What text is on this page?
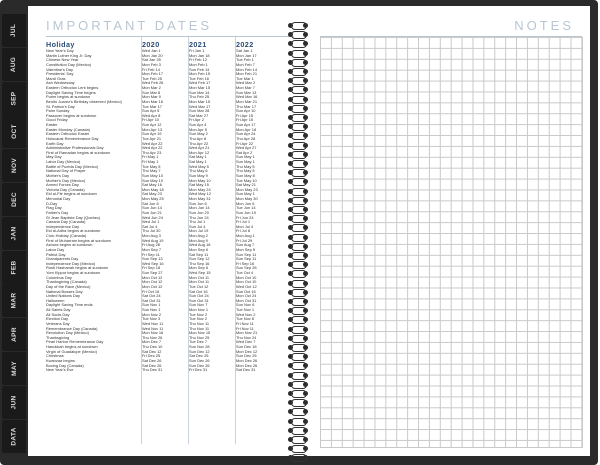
JUL
AUG
SEP
OCT
NOV
DEC
JAN
FEB
MAR
APR
MAY
JUN
DATA
IMPORTANT DATES
Holiday	2020	2021	2022
New Year's Day	Wed Jan 1	Fri Jan 1	Sat Jan 1
Martin Luther King Jr. Day	Mon Jan 20	Mon Jan 18	Mon Jan 17
Chinese New Year	Sat Jan 25	Fri Feb 12	Tue Feb 1
Constitution Day (Mexico)	Mon Feb 3	Mon Feb 1	Mon Feb 7
Valentine's Day	Fri Feb 14	Sun Feb 14	Mon Feb 14
Presidents' Day	Mon Feb 17	Mon Feb 15	Mon Feb 21
Mardi Gras	Tue Feb 25	Tue Feb 16	Tue Mar 1
Ash Wednesday	Wed Feb 26	Wed Feb 17	Wed Mar 2
Eastern Orthodox Lent begins	Mon Mar 2	Mon Mar 15	Mon Mar 7
Daylight Saving Time begins	Sun Mar 8	Sun Mar 14	Sun Mar 13
Purim begins at sundown	Mon Mar 9	Thu Feb 25	Wed Mar 16
Benito Juarez's Birthday observed (Mexico)	Mon Mar 16	Mon Mar 15	Mon Mar 21
St. Patrick's Day	Tue Mar 17	Wed Mar 17	Thu Mar 17
Palm Sunday	Sun Apr 5	Sun Mar 28	Sun Apr 10
Passover begins at sundown	Wed Apr 8	Sat Mar 27	Fri Apr 15
Good Friday	Fri Apr 10	Fri Apr 2	Fri Apr 15
Easter	Sun Apr 12	Sun Apr 4	Sun Apr 17
Easter Monday (Canada)	Mon Apr 13	Mon Apr 5	Mon Apr 18
Eastern Orthodox Easter	Sun Apr 19	Sun May 2	Sun Apr 24
Holocaust Remembrance Day	Tue Apr 21	Thu Apr 8	Thu Apr 28
Earth Day	Wed Apr 22	Thu Apr 22	Fri Apr 22
Administrative Professionals Day	Wed Apr 22	Wed Apr 21	Wed Apr 27
First of Ramadan begins at sundown	Thu Apr 23	Mon Apr 12	Sat Apr 2
May Day	Fri May 1	Sat May 1	Sun May 1
Labor Day (Mexico)	Fri May 1	Sat May 1	Sun May 1
Battle of Puebla Day (Mexico)	Tue May 5	Wed May 5	Thu May 5
National Day of Prayer	Thu May 7	Thu May 6	Thu May 5
Mother's Day	Sun May 10	Sun May 9	Sun May 8
Mother's Day (Mexico)	Sun May 10	Mon May 10	Tue May 10
Armed Forces Day	Sat May 16	Sat May 15	Sat May 21
Victoria Day (Canada)	Mon May 18	Mon May 24	Mon May 23
Eid al-Fitr begins at sundown	Sat May 23	Wed May 12	Sun May 1
Memorial Day	Mon May 25	Mon May 31	Mon May 30
D-Day	Sat Jun 6	Sun Jun 6	Mon Jun 6
Flag Day	Sun Jun 14	Mon Jun 14	Tue Jun 14
Father's Day	Sun Jun 21	Sun Jun 20	Sun Jun 19
St Jean Baptiste Day (Quebec)	Wed Jun 24	Thu Jun 24	Fri Jun 24
Canada Day (Canada)	Wed Jul 1	Thu Jul 1	Fri Jul 1
Independence Day	Sat Jul 4	Sun Jul 4	Mon Jul 4
Eid al-Adha begins at sundown	Thu Jul 30	Mon Jul 19	Fri Jul 8
Civic Holiday (Canada)	Mon Aug 3	Mon Aug 2	Mon Aug 1
First of Muharram begins at sundown	Wed Aug 19	Mon Aug 9	Fri Jul 29
Ashura begins at sundown	Fri Aug 28	Wed Aug 18	Sun Aug 7
Labor Day	Mon Sep 7	Mon Sep 6	Mon Sep 5
Patriot Day	Fri Sep 11	Sat Sep 11	Sun Sep 11
Grandparents Day	Sun Sep 13	Sun Sep 12	Sun Sep 11
Independence Day (Mexico)	Wed Sep 16	Thu Sep 16	Fri Sep 16
Rosh Hashanah begins at sundown	Fri Sep 18	Mon Sep 6	Sun Sep 25
Yom Kippur begins at sundown	Sun Sep 27	Wed Sep 15	Tue Oct 4
Columbus Day	Mon Oct 12	Mon Oct 11	Mon Oct 10
Thanksgiving (Canada)	Mon Oct 12	Mon Oct 11	Mon Oct 10
Day of the Race (Mexico)	Mon Oct 12	Tue Oct 12	Wed Oct 12
National Bosses Day	Fri Oct 16	Sat Oct 16	Sun Oct 16
United Nations Day	Sat Oct 24	Sun Oct 24	Mon Oct 24
Halloween	Sat Oct 31	Sun Oct 31	Mon Oct 31
Daylight Saving Time ends	Sun Nov 1	Sun Nov 7	Sun Nov 6
All Saints Day	Sun Nov 1	Mon Nov 1	Tue Nov 1
All Souls Day	Mon Nov 2	Tue Nov 2	Wed Nov 2
Election Day	Tue Nov 3	Tue Nov 2	Tue Nov 8
Veterans Day	Wed Nov 11	Thu Nov 11	Fri Nov 11
Remembrance Day (Canada)	Wed Nov 11	Thu Nov 11	Fri Nov 11
Revolution Day (Mexico)	Mon Nov 16	Mon Nov 15	Mon Nov 21
Thanksgiving	Thu Nov 26	Thu Nov 25	Thu Nov 24
Pearl Harbor Remembrance Day	Mon Dec 7	Tue Dec 7	Wed Dec 7
Hanukkah begins at sundown	Thu Dec 10	Sun Nov 28	Sun Dec 18
Virgin of Guadalupe (Mexico)	Sat Dec 12	Sun Dec 12	Mon Dec 12
Christmas	Fri Dec 25	Sat Dec 25	Sun Dec 25
Kwanzaa begins	Sat Dec 26	Sun Dec 26	Mon Dec 26
Boxing Day (Canada)	Sat Dec 26	Sun Dec 26	Mon Dec 26
New Year's Eve	Thu Dec 31	Fri Dec 31	Sat Dec 31
NOTES
